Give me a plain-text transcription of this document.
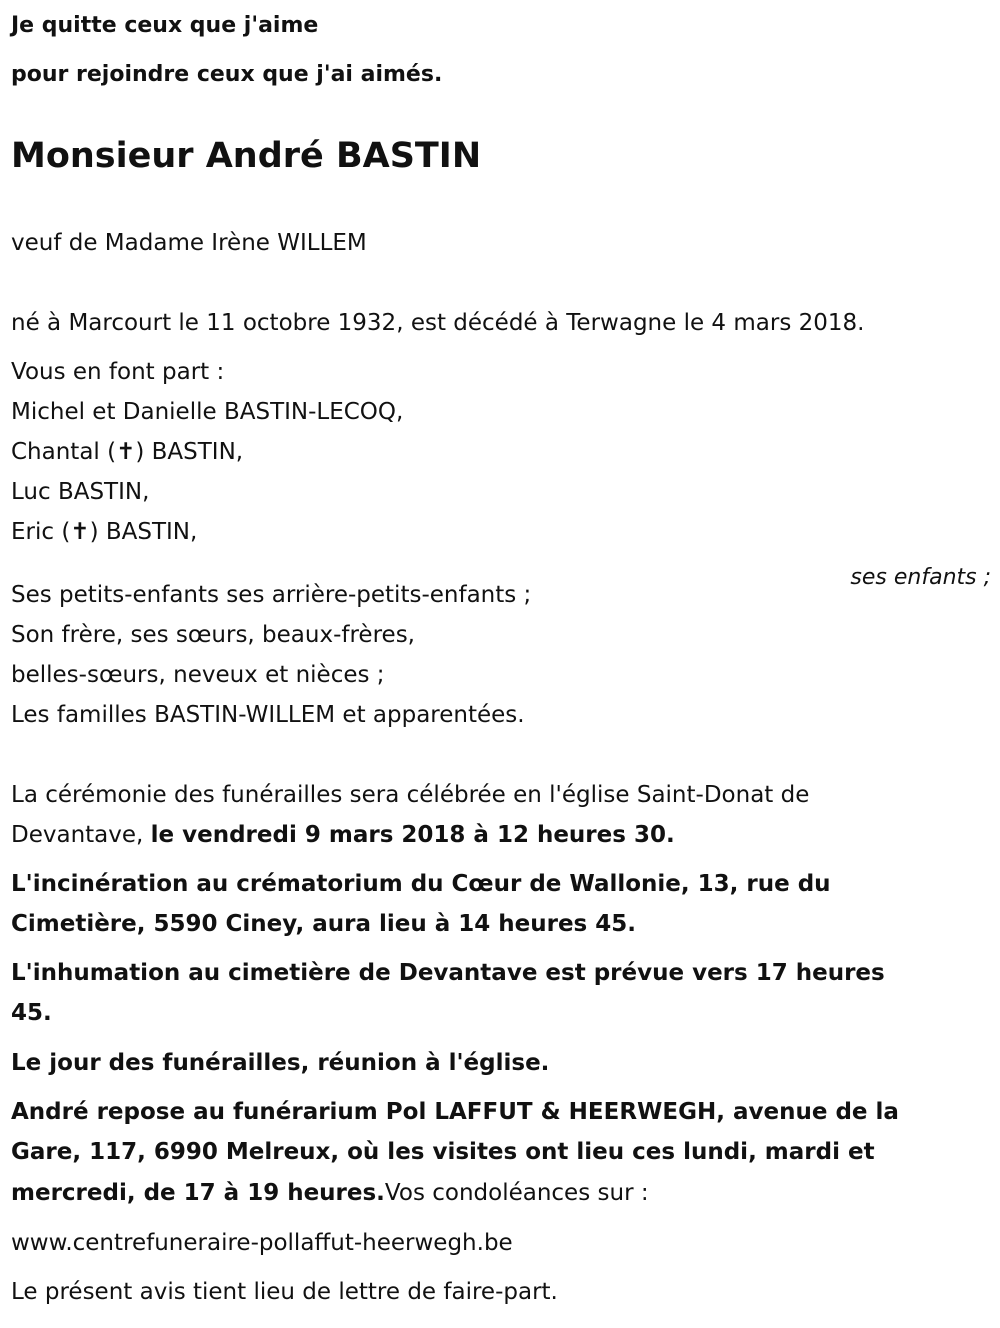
Je quitte ceux que j'aime

pour rejoindre ceux que j'ai aimés.

Monsieur André BASTIN

veuf de Madame Irène WILLEM

né à Marcourt le 11 octobre 1932, est décédé à Terwagne le 4 mars 2018.

Vous en font part :

Michel et Danielle BASTIN-LECOQ,

Chantal (✝) BASTIN,

Luc BASTIN,

Eric (✝) BASTIN,

ses enfants ;

Ses petits-enfants ses arrière-petits-enfants ;

Son frère, ses sœurs, beaux-frères,

belles-sœurs, neveux et nièces ;

Les familles BASTIN-WILLEM et apparentées.

La cérémonie des funérailles sera célébrée en l'église Saint-Donat de

Devantave, le vendredi 9 mars 2018 à 12 heures 30.

L'incinération au crématorium du Cœur de Wallonie, 13, rue du

Cimetière, 5590 Ciney, aura lieu à 14 heures 45.

L'inhumation au cimetière de Devantave est prévue vers 17 heures

45.

Le jour des funérailles, réunion à l'église.

André repose au funérarium Pol LAFFUT & HEERWEGH, avenue de la

Gare, 117, 6990 Melreux, où les visites ont lieu ces lundi, mardi et

mercredi, de 17 à 19 heures.Vos condoléances sur :

www.centrefuneraire-pollaffut-heerwegh.be

Le présent avis tient lieu de lettre de faire-part.
